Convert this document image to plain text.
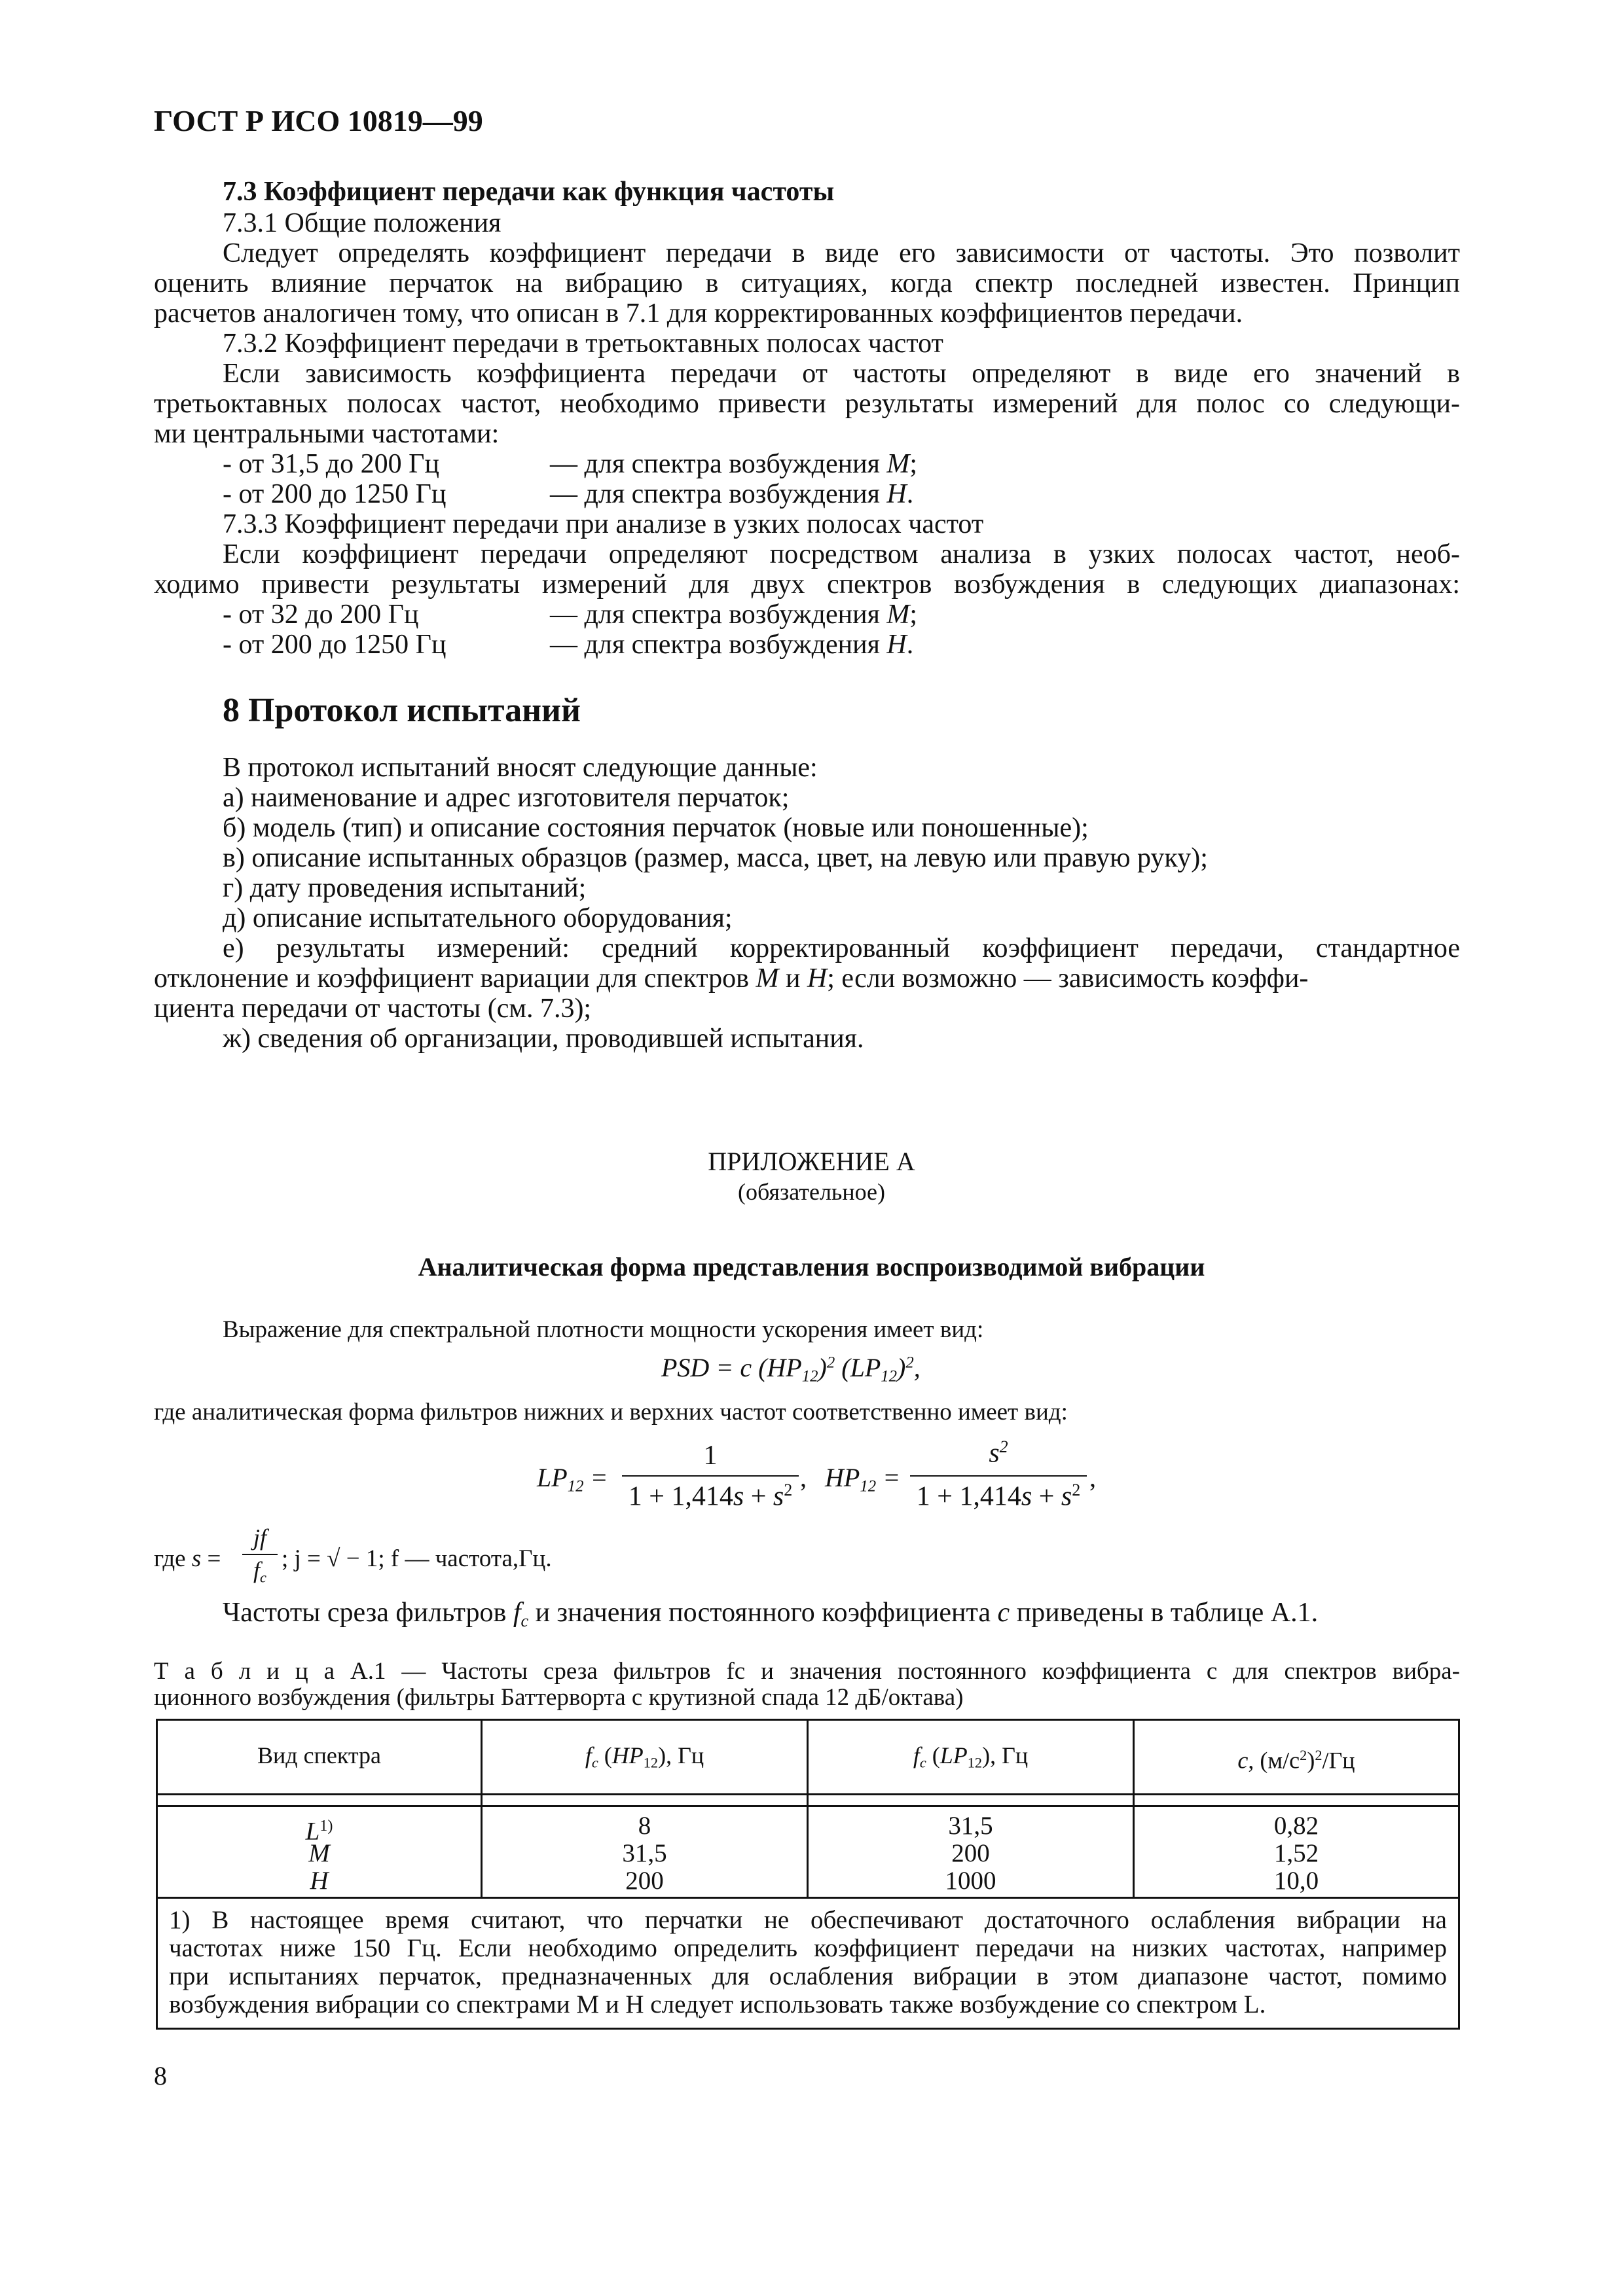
ГОСТ Р ИСО 10819—99
7.3 Коэффициент передачи как функция частоты
7.3.1 Общие положения
Следует определять коэффициент передачи в виде его зависимости от частоты. Это позволит
оценить влияние перчаток на вибрацию в ситуациях, когда спектр последней известен. Принцип
расчетов аналогичен тому, что описан в 7.1 для корректированных коэффициентов передачи.
7.3.2 Коэффициент передачи в третьоктавных полосах частот
Если зависимость коэффициента передачи от частоты определяют в виде его значений в
третьоктавных полосах частот, необходимо привести результаты измерений для полос со следующи-
ми центральными частотами:
- от 31,5 до 200 Гц	— для спектра возбуждения М;
- от 200 до 1250 Гц	— для спектра возбуждения Н.
7.3.3 Коэффициент передачи при анализе в узких полосах частот
Если коэффициент передачи определяют посредством анализа в узких полосах частот, необ-
ходимо привести результаты измерений для двух спектров возбуждения в следующих диапазонах:
- от 32 до 200 Гц	— для спектра возбуждения М;
- от 200 до 1250 Гц	— для спектра возбуждения Н.
8 Протокол испытаний
В протокол испытаний вносят следующие данные:
а) наименование и адрес изготовителя перчаток;
б) модель (тип) и описание состояния перчаток (новые или поношенные);
в) описание испытанных образцов (размер, масса, цвет, на левую или правую руку);
г) дату проведения испытаний;
д) описание испытательного оборудования;
е) результаты измерений: средний корректированный коэффициент передачи, стандартное
отклонение и коэффициент вариации для спектров М и Н; если возможно — зависимость коэффи-
циента передачи от частоты (см. 7.3);
ж) сведения об организации, проводившей испытания.
ПРИЛОЖЕНИЕ А
(обязательное)
Аналитическая форма представления воспроизводимой вибрации
Выражение для спектральной плотности мощности ускорения имеет вид:
PSD = c $(HP_{12})^2$ $(LP_{12})^2$,
где аналитическая форма фильтров нижних и верхних частот соответственно имеет вид:
$LP_{12}$ =
1
$1 + 1,414s + s^2$ , $HP_{12}$ =
$s^2$
$1 + 1,414s + s^2$ ,
где s =
jf
$f_c$
; j = √ − 1; f — частота,Гц.
Частоты среза фильтров $f_c$ и значения постоянного коэффициента c приведены в таблице А.1.
Т а б л и ц а А.1 — Частоты среза фильтров fc и значения постоянного коэффициента c для спектров вибра-
ционного возбуждения (фильтры Баттерворта с крутизной спада 12 дБ/октава)
Вид спектра	$f_c$ $(HP_{12})$, Гц	$f_c$ $(LP_{12})$, Гц	c, $(м/с^2)^2/Гц$
$L^{1)}$	8	31,5	0,82
M	31,5	200	1,52
H	200	1000	10,0
1) В настоящее время считают, что перчатки не обеспечивают достаточного ослабления вибрации на
частотах ниже 150 Гц. Если необходимо определить коэффициент передачи на низких частотах, например
при испытаниях перчаток, предназначенных для ослабления вибрации в этом диапазоне частот, помимо
возбуждения вибрации со спектрами M и H следует использовать также возбуждение со спектром L.
8
